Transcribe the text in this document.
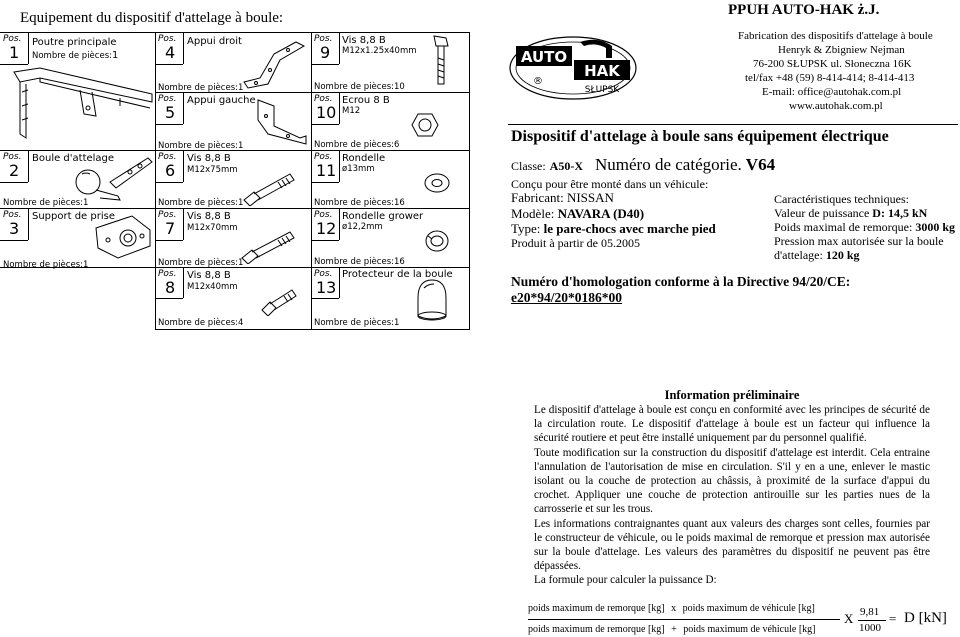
Equipement du dispositif d'attelage à boule:
Pos.
1
Poutre principale
Nombre de pièces: 1
Pos.
2
Boule d'attelage
Nombre de pièces: 1
Pos.
3
Support de prise
Nombre de pièces: 1
Pos.
4
Appui droit
Nombre de pièces: 1
Pos.
5
Appui gauche
Nombre de pièces: 1
Pos.
6
Vis 8,8 B
M12x75mm
Nombre de pièces: 1
Pos.
7
Vis 8,8 B
M12x70mm
Nombre de pièces: 1
Pos.
8
Vis 8,8 B
M12x40mm
Nombre de pièces: 4
Pos.
9
Vis 8,8 B
M12x1.25x40mm
Nombre de pièces: 10
Pos.
10
Ecrou 8 B
M12
Nombre de pièces: 6
Pos.
11
Rondelle
ø13mm
Nombre de pièces: 16
Pos.
12
Rondelle grower
ø12,2mm
Nombre de pièces: 16
Pos.
13
Protecteur de la boule
Nombre de pièces: 1
AUTO
HAK
®
SŁUPSK
PPUH AUTO-HAK ż.J.
Fabrication des dispositifs d'attelage à boule
Henryk & Zbigniew Nejman
76-200 SŁUPSK ul. Słoneczna 16K
tel/fax +48 (59) 8-414-414; 8-414-413
E-mail: office@autohak.com.pl
www.autohak.com.pl
Dispositif d'attelage à boule sans équipement électrique
Classe: A50-X Numéro de catégorie. V64
Conçu pour être monté dans un véhicule:
Fabricant: NISSAN
Modèle: NAVARA (D40)
Type: le pare-chocs avec marche pied
Produit à partir de 05.2005
Caractéristiques techniques:
Valeur de puissance D: 14,5 kN
Poids maximal de remorque: 3000 kg
Pression max autorisée sur la boule
d'attelage: 120 kg
Numéro d'homologation conforme à la Directive 94/20/CE:
e20*94/20*0186*00
Information préliminaire
Le dispositif d'attelage à boule est conçu en conformité avec les principes de sécurité de la circulation route. Le dispositif d'attelage à boule est un facteur qui influence la sécurité routiere et peut être installé uniquement par du personnel qualifié.
Toute modification sur la construction du dispositif d'attelage est interdit. Cela entraine l'annulation de l'autorisation de mise en circulation. S'il y en a une, enlever le mastic isolant ou la couche de protection au châssis, à proximité de la surface d'appui du crochet. Appliquer une couche de protection antirouille sur les parties nues de la carrosserie et sur les trous.
Les informations contraignantes quant aux valeurs des charges sont celles, fournies par le constructeur de véhicule, ou le poids maximal de remorque et pression max autorisée sur la boule d'attelage. Les valeurs des paramètres du dispositif ne peuvent pas être dépassées.
La formule pour calculer la puissance D:
poids maximum de remorque [kg] x poids maximum de véhicule [kg]
poids maximum de remorque [kg] + poids maximum de véhicule [kg]
X 9,81
1000
= D [kN]
